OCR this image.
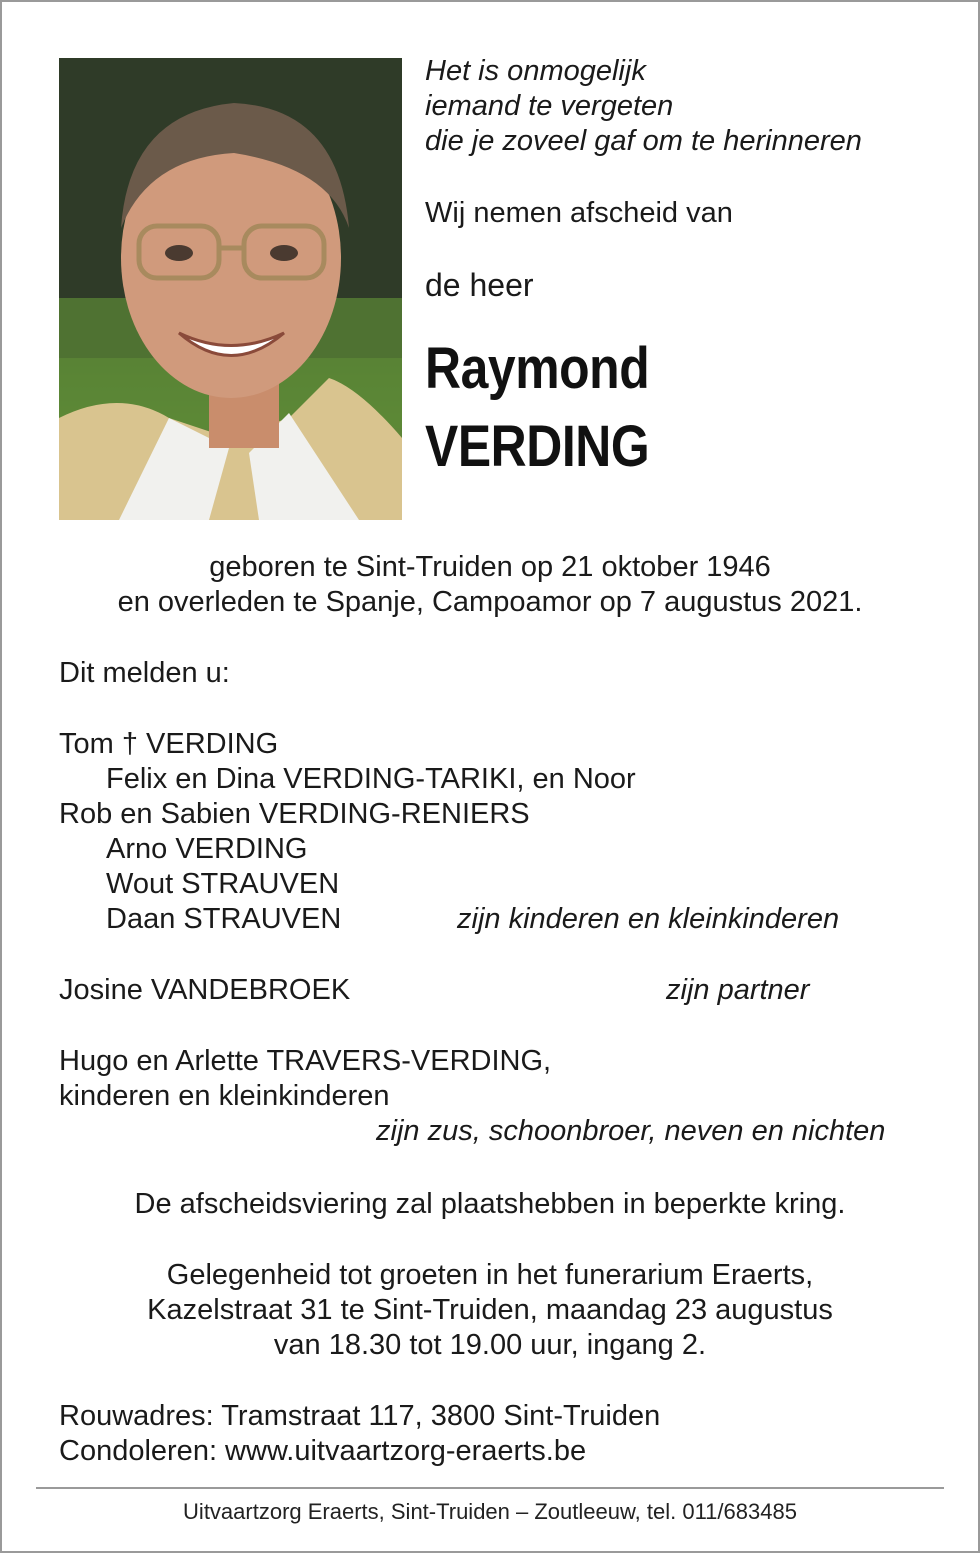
Het is onmogelijk
iemand te vergeten
die je zoveel gaf om te herinneren
Wij nemen afscheid van
de heer
Raymond
VERDING
geboren te Sint-Truiden op 21 oktober 1946
en overleden te Spanje, Campoamor op 7 augustus 2021.
Dit melden u:
Tom † VERDING
Felix en Dina VERDING-TARIKI, en Noor
Rob en Sabien VERDING-RENIERS
Arno VERDING
Wout STRAUVEN
Daan STRAUVEN	zijn kinderen en kleinkinderen
Josine VANDEBROEK	zijn partner
Hugo en Arlette TRAVERS-VERDING,
kinderen en kleinkinderen
zijn zus, schoonbroer, neven en nichten
De afscheidsviering zal plaatshebben in beperkte kring.
Gelegenheid tot groeten in het funerarium Eraerts,
Kazelstraat 31 te Sint-Truiden, maandag 23 augustus
van 18.30 tot 19.00 uur, ingang 2.
Rouwadres: Tramstraat 117, 3800 Sint-Truiden
Condoleren: www.uitvaartzorg-eraerts.be
Uitvaartzorg Eraerts, Sint-Truiden – Zoutleeuw, tel. 011/683485
